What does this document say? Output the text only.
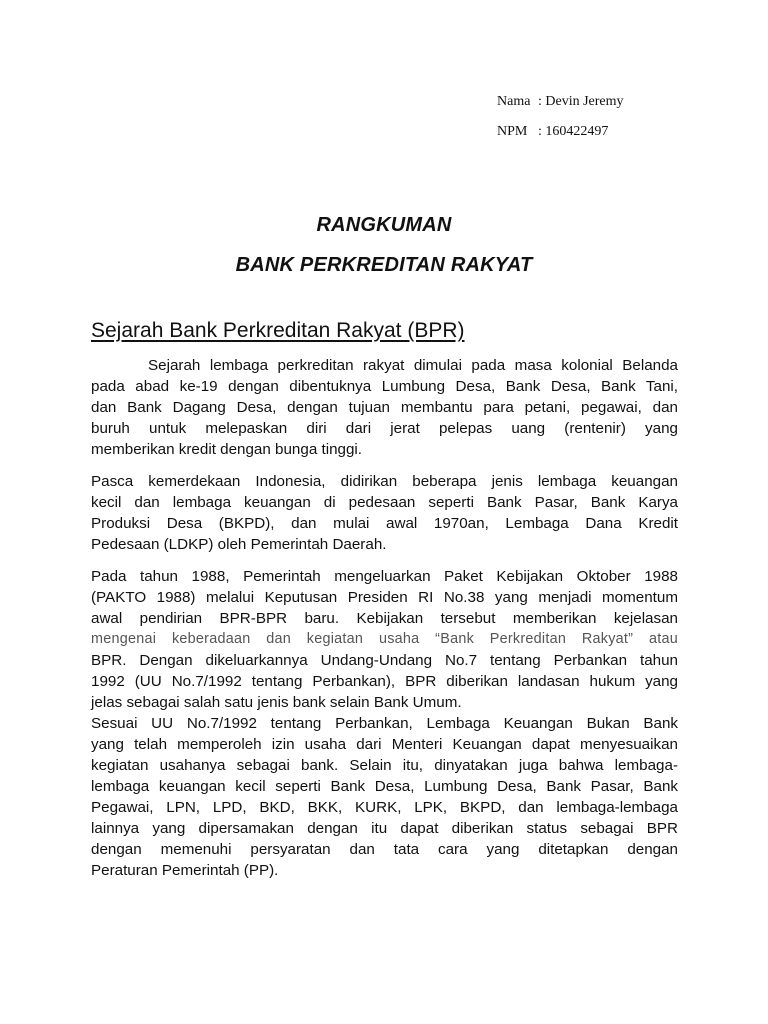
Nama : Devin Jeremy
NPM : 160422497
RANGKUMAN
BANK PERKREDITAN RAKYAT
Sejarah Bank Perkreditan Rakyat (BPR)
Sejarah lembaga perkreditan rakyat dimulai pada masa kolonial Belanda
pada abad ke-19 dengan dibentuknya Lumbung Desa, Bank Desa, Bank Tani,
dan Bank Dagang Desa, dengan tujuan membantu para petani, pegawai, dan
buruh untuk melepaskan diri dari jerat pelepas uang (rentenir) yang
memberikan kredit dengan bunga tinggi.
Pasca kemerdekaan Indonesia, didirikan beberapa jenis lembaga keuangan
kecil dan lembaga keuangan di pedesaan seperti Bank Pasar, Bank Karya
Produksi Desa (BKPD), dan mulai awal 1970an, Lembaga Dana Kredit
Pedesaan (LDKP) oleh Pemerintah Daerah.
Pada tahun 1988, Pemerintah mengeluarkan Paket Kebijakan Oktober 1988
(PAKTO 1988) melalui Keputusan Presiden RI No.38 yang menjadi momentum
awal pendirian BPR-BPR baru. Kebijakan tersebut memberikan kejelasan
mengenai keberadaan dan kegiatan usaha “Bank Perkreditan Rakyat” atau
BPR. Dengan dikeluarkannya Undang-Undang No.7 tentang Perbankan tahun
1992 (UU No.7/1992 tentang Perbankan), BPR diberikan landasan hukum yang
jelas sebagai salah satu jenis bank selain Bank Umum.
Sesuai UU No.7/1992 tentang Perbankan, Lembaga Keuangan Bukan Bank
yang telah memperoleh izin usaha dari Menteri Keuangan dapat menyesuaikan
kegiatan usahanya sebagai bank. Selain itu, dinyatakan juga bahwa lembaga-
lembaga keuangan kecil seperti Bank Desa, Lumbung Desa, Bank Pasar, Bank
Pegawai, LPN, LPD, BKD, BKK, KURK, LPK, BKPD, dan lembaga-lembaga
lainnya yang dipersamakan dengan itu dapat diberikan status sebagai BPR
dengan memenuhi persyaratan dan tata cara yang ditetapkan dengan
Peraturan Pemerintah (PP).
